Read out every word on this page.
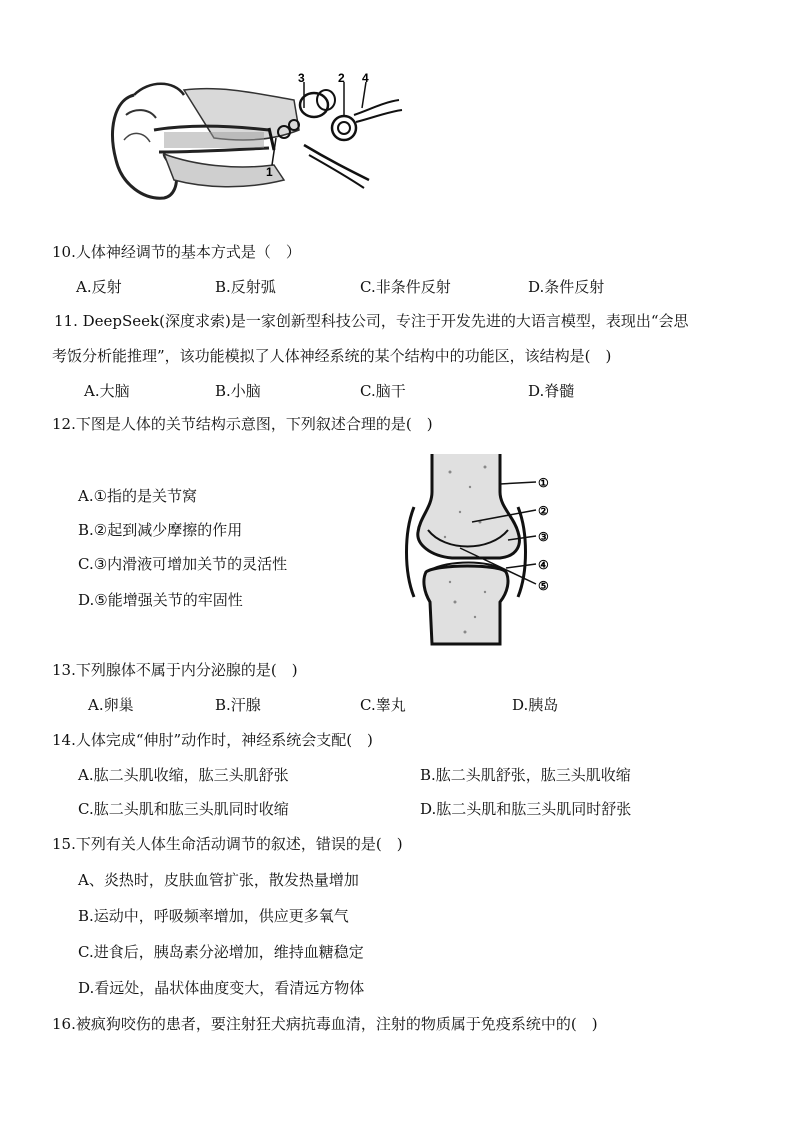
3	2 4
1
10.人体神经调节的基本方式是（　）
A.反射	B.反射弧	C.非条件反射	D.条件反射
11. DeepSeek(深度求索)是一家创新型科技公司，专注于开发先进的大语言模型，表现出“会思
考饭分析能推理”，该功能模拟了人体神经系统的某个结构中的功能区，该结构是(　)
A.大脑	B.小脑	C.脑干	D.脊髓
12.下图是人体的关节结构示意图，下列叙述合理的是(　)
A.①指的是关节窝
B.②起到减少摩擦的作用
C.③内滑液可增加关节的灵活性
D.⑤能增强关节的牢固性
①
②
③
④
⑤
13.下列腺体不属于内分泌腺的是(　)
A.卵巢	B.汗腺	C.睾丸	D.胰岛
14.人体完成“伸肘”动作时，神经系统会支配(　)
A.肱二头肌收缩，肱三头肌舒张	B.肱二头肌舒张，肱三头肌收缩
C.肱二头肌和肱三头肌同时收缩	D.肱二头肌和肱三头肌同时舒张
15.下列有关人体生命活动调节的叙述，错误的是(　)
A、炎热时，皮肤血管扩张，散发热量增加
B.运动中，呼吸频率增加，供应更多氧气
C.进食后，胰岛素分泌增加，维持血糖稳定
D.看远处，晶状体曲度变大，看清远方物体
16.被疯狗咬伤的患者，要注射狂犬病抗毒血清，注射的物质属于免疫系统中的(　)
